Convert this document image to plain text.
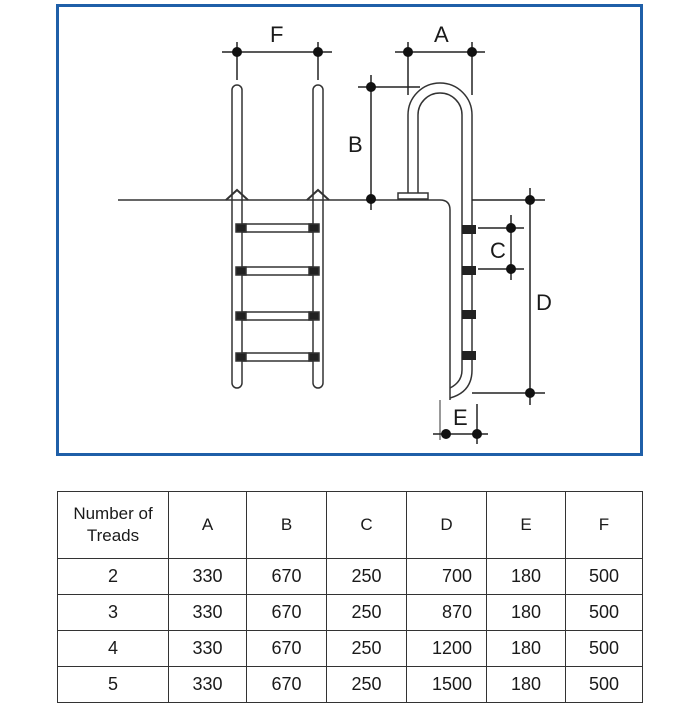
F	A
B
C
D
E
Number of Treads	A	B	C	D	E	F
2	330	670	250	700	180	500
3	330	670	250	870	180	500
4	330	670	250	1200	180	500
5	330	670	250	1500	180	500
